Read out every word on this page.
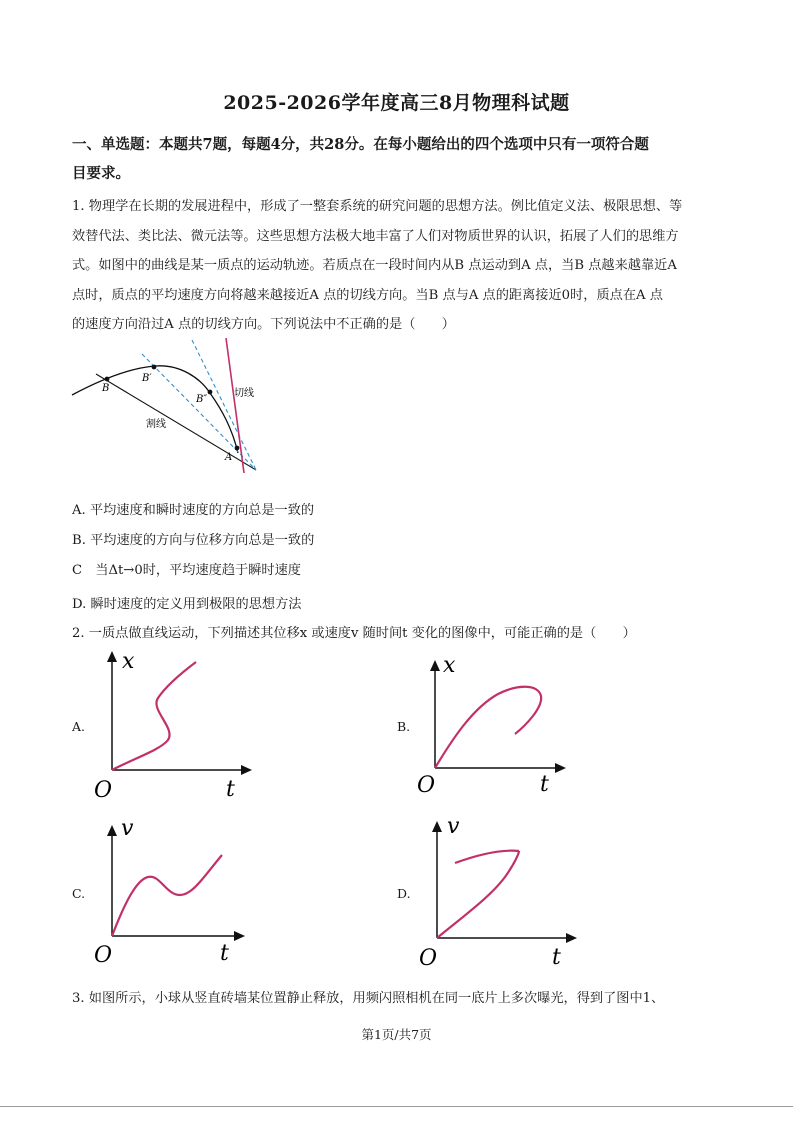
2025-2026学年度高三8月物理科试题
一、单选题：本题共7题，每题4分，共28分。在每小题给出的四个选项中只有一项符合题
目要求。
1. 物理学在长期的发展进程中，形成了一整套系统的研究问题的思想方法。例比值定义法、极限思想、等
效替代法、类比法、微元法等。这些思想方法极大地丰富了人们对物质世界的认识，拓展了人们的思维方
式。如图中的曲线是某一质点的运动轨迹。若质点在一段时间内从B 点运动到A 点，当B 点越来越靠近A
点时，质点的平均速度方向将越来越接近A 点的切线方向。当B 点与A 点的距离接近0时，质点在A 点
的速度方向沿过A 点的切线方向。下列说法中不正确的是（　　）
B
B′
B″
A
切线
割线
A. 平均速度和瞬时速度的方向总是一致的
B. 平均速度的方向与位移方向总是一致的
C　当Δt→0时，平均速度趋于瞬时速度
D. 瞬时速度的定义用到极限的思想方法
2. 一质点做直线运动，下列描述其位移x 或速度v 随时间t 变化的图像中，可能正确的是（　　）
A.
x
t
O
B.
x
t
O
C.
v
t
O
D.
v
t
O
3. 如图所示，小球从竖直砖墙某位置静止释放，用频闪照相机在同一底片上多次曝光，得到了图中1、
第1页/共7页
